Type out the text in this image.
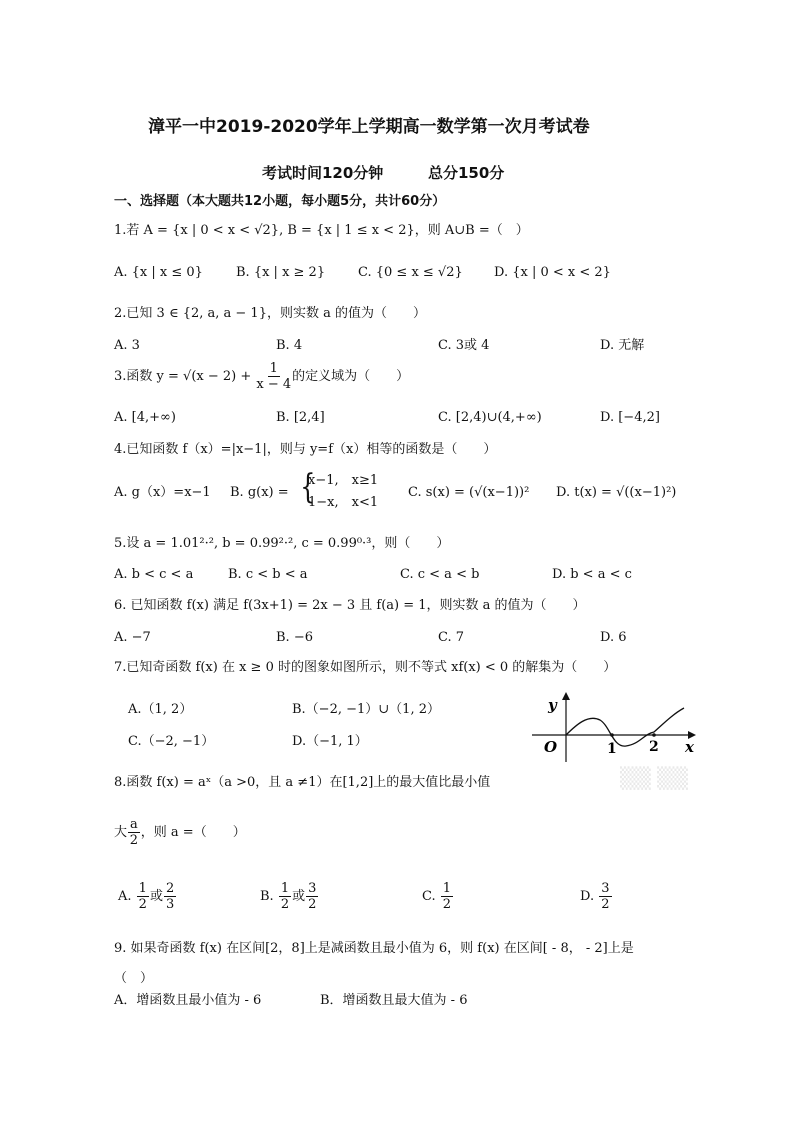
漳平一中2019-2020学年上学期高一数学第一次月考试卷
考试时间120分钟	总分150分
一、选择题（本大题共12小题，每小题5分，共计60分）
1.若 A = {x | 0 < x < √2}, B = {x | 1 ≤ x < 2}，则 A∪B =（　）
A. {x | x ≤ 0}	B. {x | x ≥ 2}	C. {0 ≤ x ≤ √2} D. {x | 0 < x < 2}
2.已知 3 ∈ {2, a, a − 1}，则实数 a 的值为（　　）
A. 3	B. 4	C. 3或 4	D. 无解
3.函数 $y = √(x - 2) + \frac{1}{x - 4}$ 的定义域为（　　）
A. [4,+∞)	B. [2,4]	C. [2,4)∪(4,+∞)	D. [−4,2]
4.已知函数 f（x）=|x−1|，则与 y=f（x）相等的函数是（　　）
A. g（x）=x−1 B. g(x) = {
x−1,　x≥1
1−x,　x<1
C. s(x) = (√(x−1))² D. t(x) = √((x−1)²)
5.设 a = 1.01²·², b = 0.99²·², c = 0.99⁰·³，则（　　）
A. b < c < a	B. c < b < a	C. c < a < b	D. b < a < c
6. 已知函数 f(x) 满足 f(3x+1) = 2x − 3 且 f(a) = 1，则实数 a 的值为（　　）
A. −7	B. −6	C. 7	D. 6
7.已知奇函数 f(x) 在 x ≥ 0 时的图象如图所示，则不等式 xf(x) < 0 的解集为（　　）
A.（1, 2）	B.（−2, −1）∪（1, 2）
C.（−2, −1）	D.（−1, 1）
y
x
O	1 2
▒▒ ▒▒
8.函数 f(x) = aˣ（a >0，且 a ≠1）在[1,2]上的最大值比最小值
大 $\frac{a}{2}$ ，则 a =（　　）
A. $\frac{1}{2}$ 或 $\frac{2}{3}$	B. $\frac{1}{2}$ 或 $\frac{3}{2}$	C. $\frac{1}{2}$	D. $\frac{3}{2}$
9. 如果奇函数 f(x) 在区间[2，8]上是减函数且最小值为 6，则 f(x) 在区间[ - 8， - 2]上是
（　）
A．增函数且最小值为 - 6	B．增函数且最大值为 - 6
